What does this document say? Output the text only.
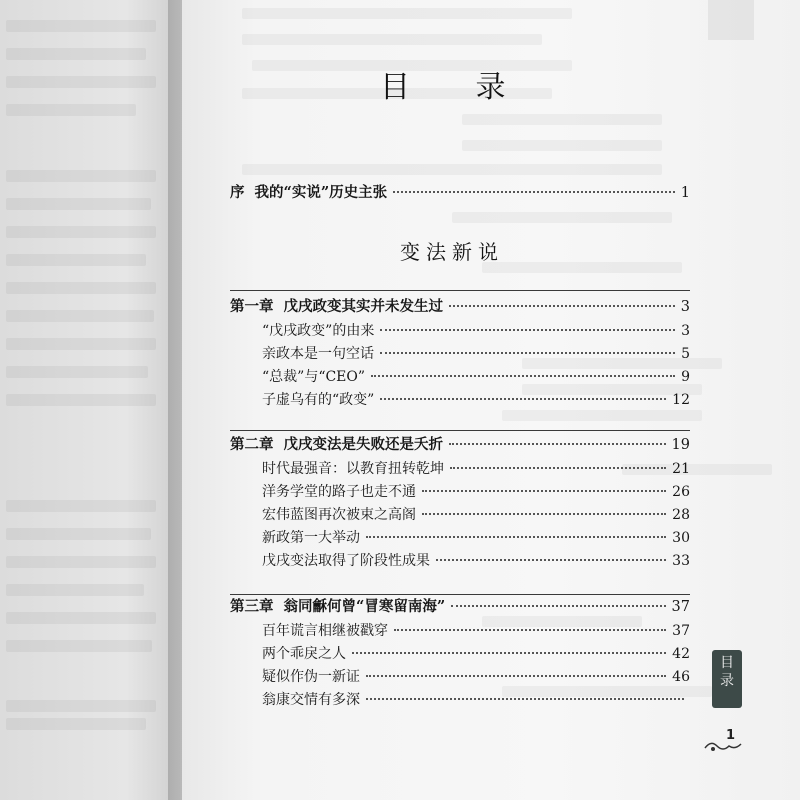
目 录
序 我的“实说”历史主张	1
变法新说
第一章 戊戌政变其实并未发生过	3
“戊戌政变”的由来	3
亲政本是一句空话	5
“总裁”与“CEO”	9
子虚乌有的“政变”	12
第二章 戊戌变法是失败还是夭折	19
时代最强音：以教育扭转乾坤	21
洋务学堂的路子也走不通	26
宏伟蓝图再次被束之高阁	28
新政第一大举动	30
戊戌变法取得了阶段性成果	33
第三章 翁同龢何曾“冒寒留南海”	37
百年谎言相继被戳穿	37
两个乖戾之人	42
疑似作伪一新证	46
翁康交情有多深
目
录
1
